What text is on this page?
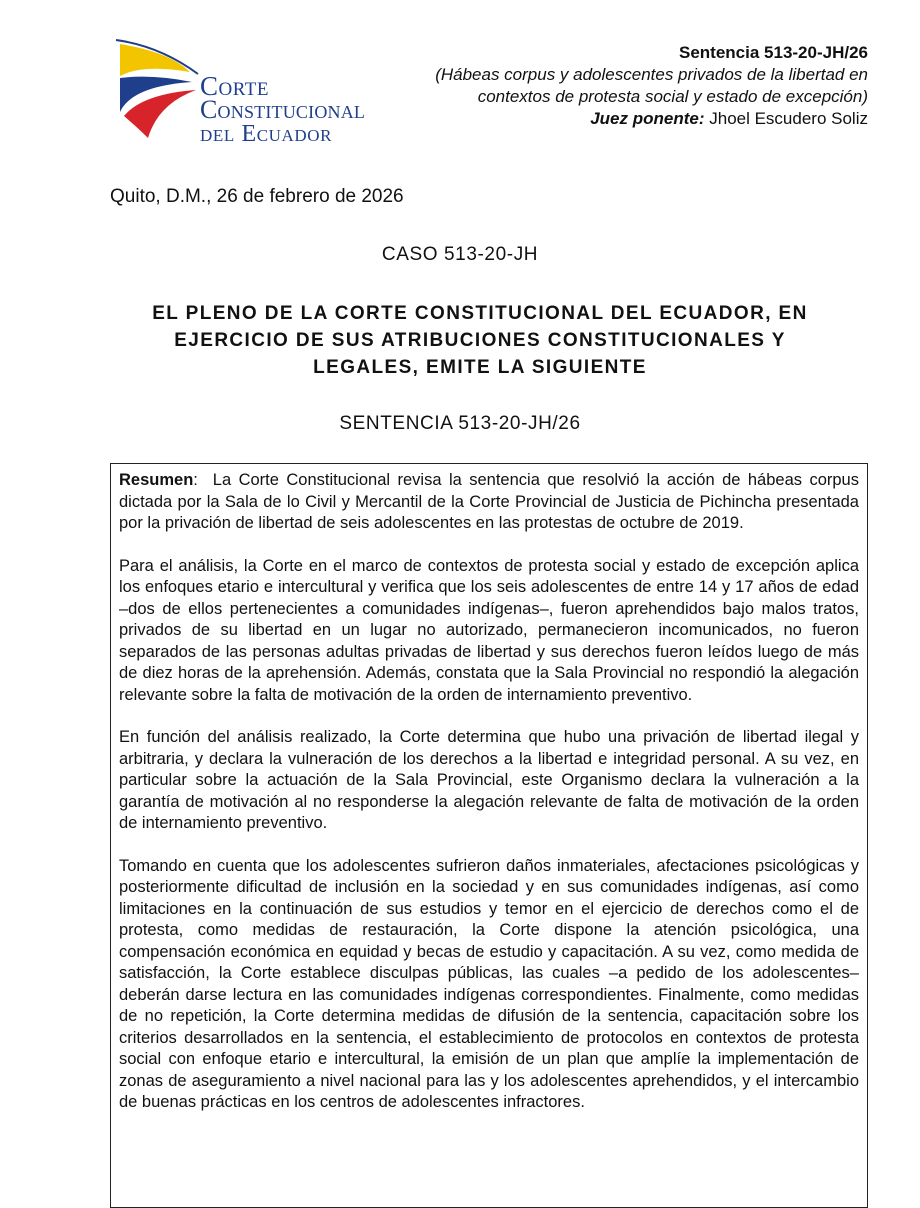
Corte
Constitucional
del Ecuador
Sentencia 513-20-JH/26
(Hábeas corpus y adolescentes privados de la libertad en contextos de protesta social y estado de excepción)
Juez ponente: Jhoel Escudero Soliz
Quito, D.M., 26 de febrero de 2026
CASO 513-20-JH
EL PLENO DE LA CORTE CONSTITUCIONAL DEL ECUADOR, EN EJERCICIO DE SUS ATRIBUCIONES CONSTITUCIONALES Y LEGALES, EMITE LA SIGUIENTE
SENTENCIA 513-20-JH/26

Resumen:  La Corte Constitucional revisa la sentencia que resolvió la acción de hábeas corpus dictada por la Sala de lo Civil y Mercantil de la Corte Provincial de Justicia de Pichincha presentada por la privación de libertad de seis adolescentes en las protestas de octubre de 2019.

Para el análisis, la Corte en el marco de contextos de protesta social y estado de excepción aplica los enfoques etario e intercultural y verifica que los seis adolescentes de entre 14 y 17 años de edad –dos de ellos pertenecientes a comunidades indígenas–, fueron aprehendidos bajo malos tratos, privados de su libertad en un lugar no autorizado, permanecieron incomunicados, no fueron separados de las personas adultas privadas de libertad y sus derechos fueron leídos luego de más de diez horas de la aprehensión. Además, constata que la Sala Provincial no respondió la alegación relevante sobre la falta de motivación de la orden de internamiento preventivo.

En función del análisis realizado, la Corte determina que hubo una privación de libertad ilegal y arbitraria, y declara la vulneración de los derechos a la libertad e integridad personal. A su vez, en particular sobre la actuación de la Sala Provincial, este Organismo declara la vulneración a la garantía de motivación al no responderse la alegación relevante de falta de motivación de la orden de internamiento preventivo.

Tomando en cuenta que los adolescentes sufrieron daños inmateriales, afectaciones psicológicas y posteriormente dificultad de inclusión en la sociedad y en sus comunidades indígenas, así como limitaciones en la continuación de sus estudios y temor en el ejercicio de derechos como el de protesta, como medidas de restauración, la Corte dispone la atención psicológica, una compensación económica en equidad y becas de estudio y capacitación. A su vez, como medida de satisfacción, la Corte establece disculpas públicas, las cuales –a pedido de los adolescentes– deberán darse lectura en las comunidades indígenas correspondientes. Finalmente, como medidas de no repetición, la Corte determina medidas de difusión de la sentencia, capacitación sobre los criterios desarrollados en la sentencia, el establecimiento de protocolos en contextos de protesta social con enfoque etario e intercultural, la emisión de un plan que amplíe la implementación de zonas de aseguramiento a nivel nacional para las y los adolescentes aprehendidos, y el intercambio de buenas prácticas en los centros de adolescentes infractores.
